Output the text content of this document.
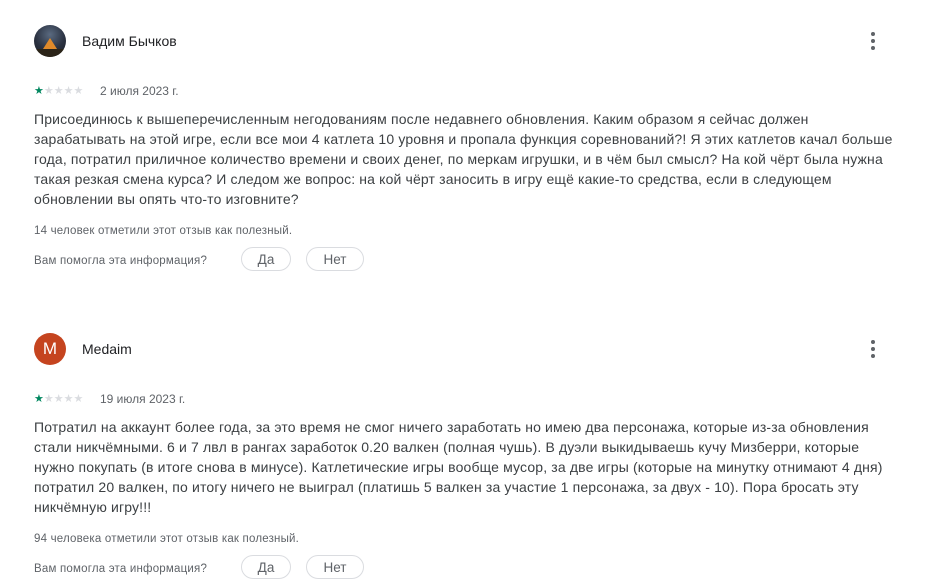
Вадим Бычков
★★★★★ 2 июля 2023 г.
Присоединюсь к вышеперечисленным негодованиям после недавнего обновления. Каким образом я сейчас должен зарабатывать на этой игре, если все мои 4 катлета 10 уровня и пропала функция соревнований?! Я этих катлетов качал больше года, потратил приличное количество времени и своих денег, по меркам игрушки, и в чём был смысл? На кой чёрт была нужна такая резкая смена курса? И следом же вопрос: на кой чёрт заносить в игру ещё какие-то средства, если в следующем обновлении вы опять что-то изговните?
14 человек отметили этот отзыв как полезный.
Вам помогла эта информация?	Да	Нет
M	Medaim
★★★★★ 19 июля 2023 г.
Потратил на аккаунт более года, за это время не смог ничего заработать но имею два персонажа, которые из-за обновления стали никчёмными. 6 и 7 лвл в рангах заработок 0.20 валкен (полная чушь). В дуэли выкидываешь кучу Мизберри, которые нужно покупать (в итоге снова в минусе). Катлетические игры вообще мусор, за две игры (которые на минутку отнимают 4 дня) потратил 20 валкен, по итогу ничего не выиграл (платишь 5 валкен за участие 1 персонажа, за двух - 10). Пора бросать эту никчёмную игру!!!
94 человека отметили этот отзыв как полезный.
Вам помогла эта информация?	Да	Нет
